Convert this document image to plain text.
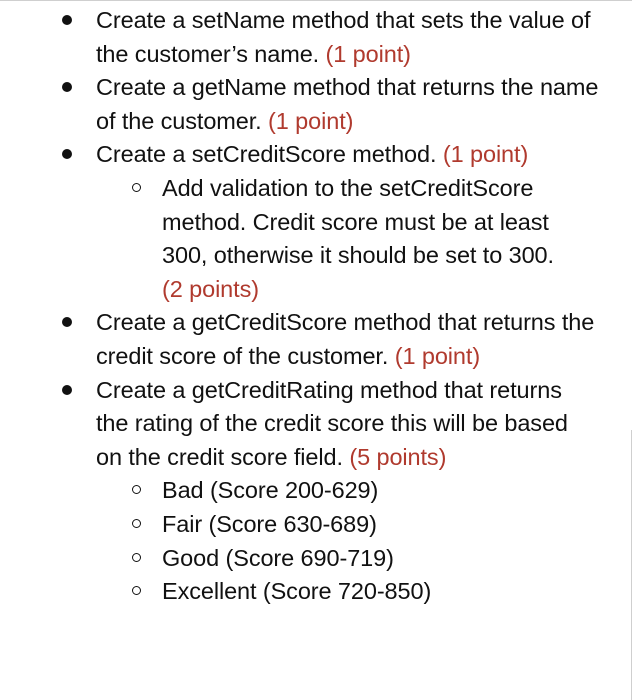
Create a setName method that sets the value of the customer’s name. (1 point)
Create a getName method that returns the name of the customer. (1 point)
Create a setCreditScore method. (1 point)
Add validation to the setCreditScore method. Credit score must be at least 300, otherwise it should be set to 300. (2 points)
Create a getCreditScore method that returns the credit score of the customer. (1 point)
Create a getCreditRating method that returns the rating of the credit score this will be based on the credit score field. (5 points)
Bad (Score 200-629)
Fair (Score 630-689)
Good (Score 690-719)
Excellent (Score 720-850)
